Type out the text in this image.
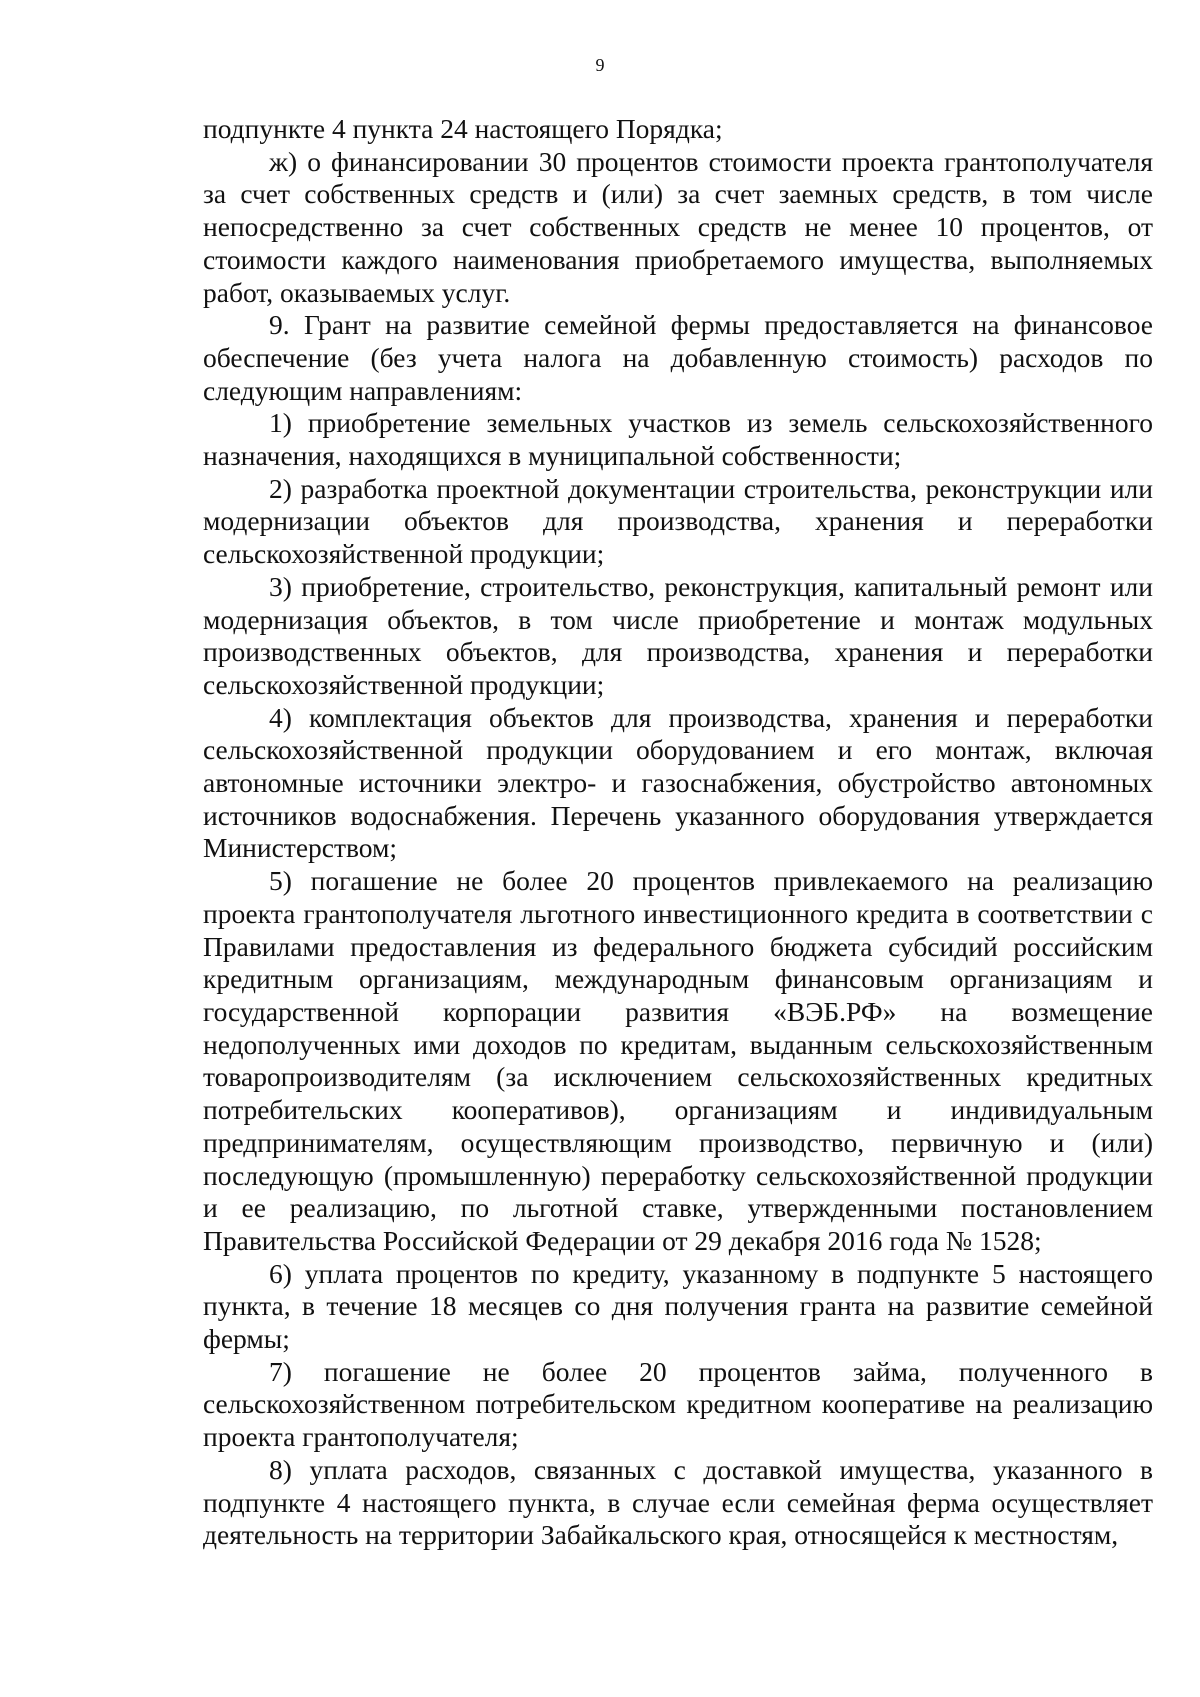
9

подпункте 4 пункта 24 настоящего Порядка;

ж) о финансировании 30 процентов стоимости проекта грантополучателя за счет собственных средств и (или) за счет заемных средств, в том числе непосредственно за счет собственных средств не менее 10 процентов, от стоимости каждого наименования приобретаемого имущества, выполняемых работ, оказываемых услуг.

9. Грант на развитие семейной фермы предоставляется на финансовое обеспечение (без учета налога на добавленную стоимость) расходов по следующим направлениям:

1) приобретение земельных участков из земель сельскохозяйственного назначения, находящихся в муниципальной собственности;

2) разработка проектной документации строительства, реконструкции или модернизации объектов для производства, хранения и переработки сельскохозяйственной продукции;

3) приобретение, строительство, реконструкция, капитальный ремонт или модернизация объектов, в том числе приобретение и монтаж модульных производственных объектов, для производства, хранения и переработки сельскохозяйственной продукции;

4) комплектация объектов для производства, хранения и переработки сельскохозяйственной продукции оборудованием и его монтаж, включая автономные источники электро- и газоснабжения, обустройство автономных источников водоснабжения. Перечень указанного оборудования утверждается Министерством;

5) погашение не более 20 процентов привлекаемого на реализацию проекта грантополучателя льготного инвестиционного кредита в соответствии с Правилами предоставления из федерального бюджета субсидий российским кредитным организациям, международным финансовым организациям и государственной корпорации развития «ВЭБ.РФ» на возмещение недополученных ими доходов по кредитам, выданным сельскохозяйственным товаропроизводителям (за исключением сельскохозяйственных кредитных потребительских кооперативов), организациям и индивидуальным предпринимателям, осуществляющим производство, первичную и (или) последующую (промышленную) переработку сельскохозяйственной продукции и ее реализацию, по льготной ставке, утвержденными постановлением Правительства Российской Федерации от 29 декабря 2016 года № 1528;

6) уплата процентов по кредиту, указанному в подпункте 5 настоящего пункта, в течение 18 месяцев со дня получения гранта на развитие семейной фермы;

7) погашение не более 20 процентов займа, полученного в сельскохозяйственном потребительском кредитном кооперативе на реализацию проекта грантополучателя;

8) уплата расходов, связанных с доставкой имущества, указанного в подпункте 4 настоящего пункта, в случае если семейная ферма осуществляет деятельность на территории Забайкальского края, относящейся к местностям,
